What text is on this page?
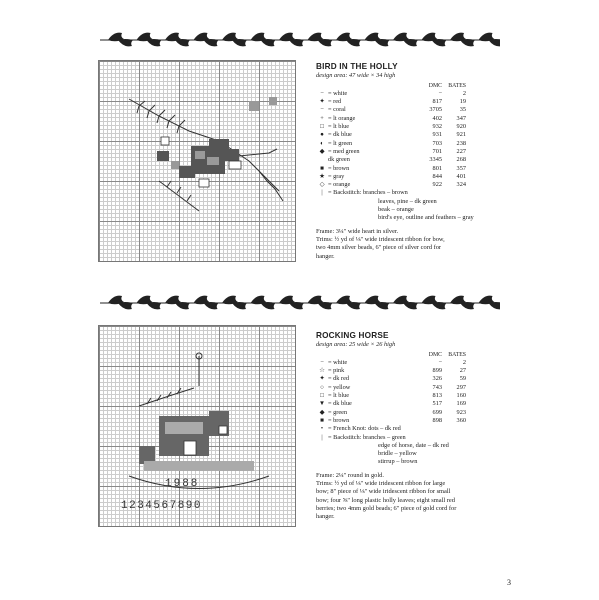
1988
1234567890
BIRD IN THE HOLLY
design area: 47 wide × 34 high
		DMC	BATES
−	= white	−	2
✦	= red	817	19
−	= coral	3705	35
+	= lt orange	402	347
□	= lt blue	932	920
●	= dk blue	931	921
◐	= lt green	703	238
◆	= med green	701	227
	dk green	3345	268
■	= brown	801	357
★	= gray	844	401
◇	= orange	922	324
|	= Backstitch: branches – brown		
leaves, pine – dk green
beak – orange
bird's eye, outline and feathers – gray
Frame: 3¼" wide heart in silver.
Trims: ½ yd of ⅛" wide iridescent ribbon for bow,
two 4mm silver beads, 6" piece of silver cord for
hanger.
ROCKING HORSE
design area: 25 wide × 26 high
		DMC	BATES
−	= white	−	2
☆	= pink	899	27
✦	= dk red	326	59
○	= yellow	743	297
□	= lt blue	813	160
▼	= dk blue	517	169
◆	= green	699	923
■	= brown	898	360
•	= French Knot: dots – dk red		
|	= Backstitch: branches – green		
edge of horse, date – dk red
bridle – yellow
stirrup – brown
Frame: 2¼" round in gold.
Trims: ½ yd of ⅛" wide iridescent ribbon for large
bow; 8" piece of ⅛" wide iridescent ribbon for small
bow; four ⅝" long plastic holly leaves; eight small red
berries; two 4mm gold beads; 6" piece of gold cord for
hanger.
3
